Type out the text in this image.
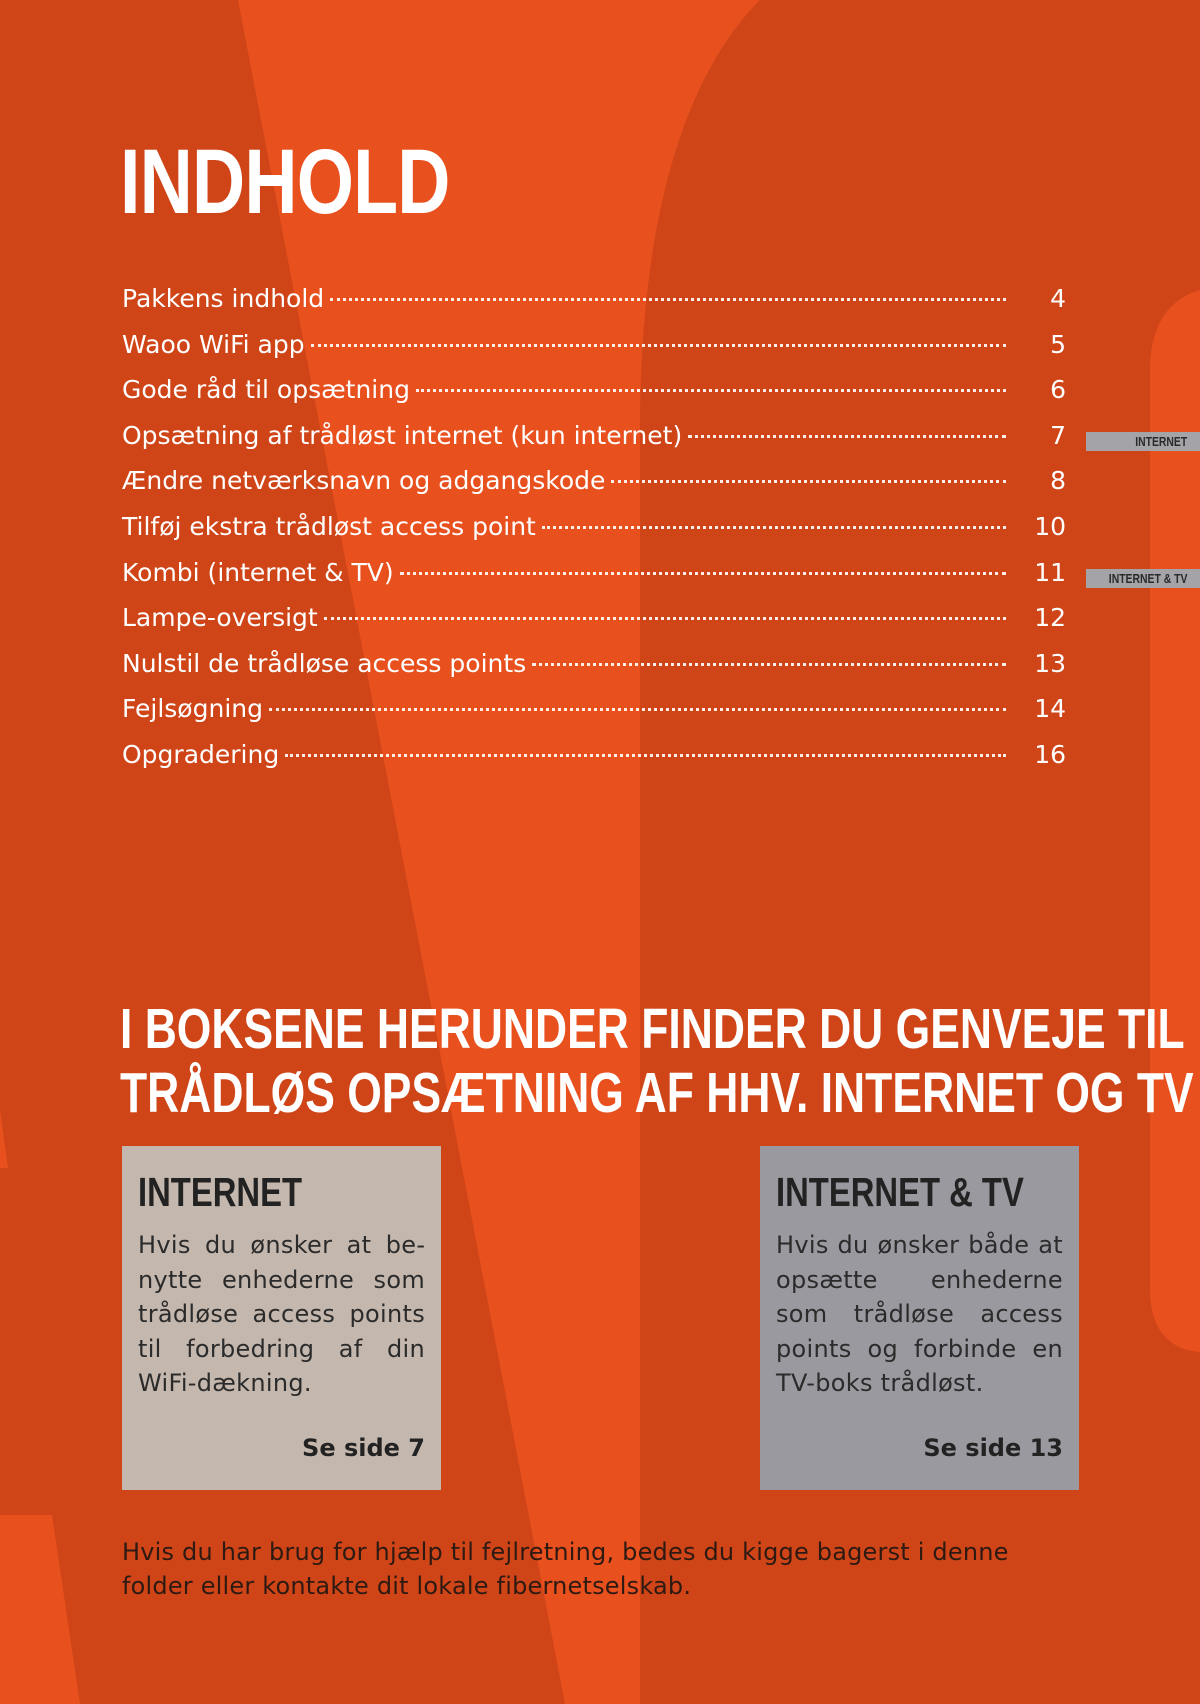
INDHOLD
Pakkens indhold	4
Waoo WiFi app	5
Gode råd til opsætning	6
Opsætning af trådløst internet (kun internet)	7
Ændre netværksnavn og adgangskode	8
Tilføj ekstra trådløst access point	10
Kombi (internet & TV)	11
Lampe-oversigt	12
Nulstil de trådløse access points	13
Fejlsøgning	14
Opgradering	16
INTERNET
INTERNET & TV
I BOKSENE HERUNDER FINDER DU GENVEJE TIL
TRÅDLØS OPSÆTNING AF HHV. INTERNET OG TV
INTERNET

Hvis du ønsker at benytte enhederne som trådløse access points til forbedring af din WiFi-dækning.

Se side 7
INTERNET & TV

Hvis du ønsker både at opsætte enhederne som trådløse access points og forbinde en TV-boks trådløst.

Se side 13

Hvis du har brug for hjælp til fejlretning, bedes du kigge bagerst i denne folder eller kontakte dit lokale fibernetselskab.
